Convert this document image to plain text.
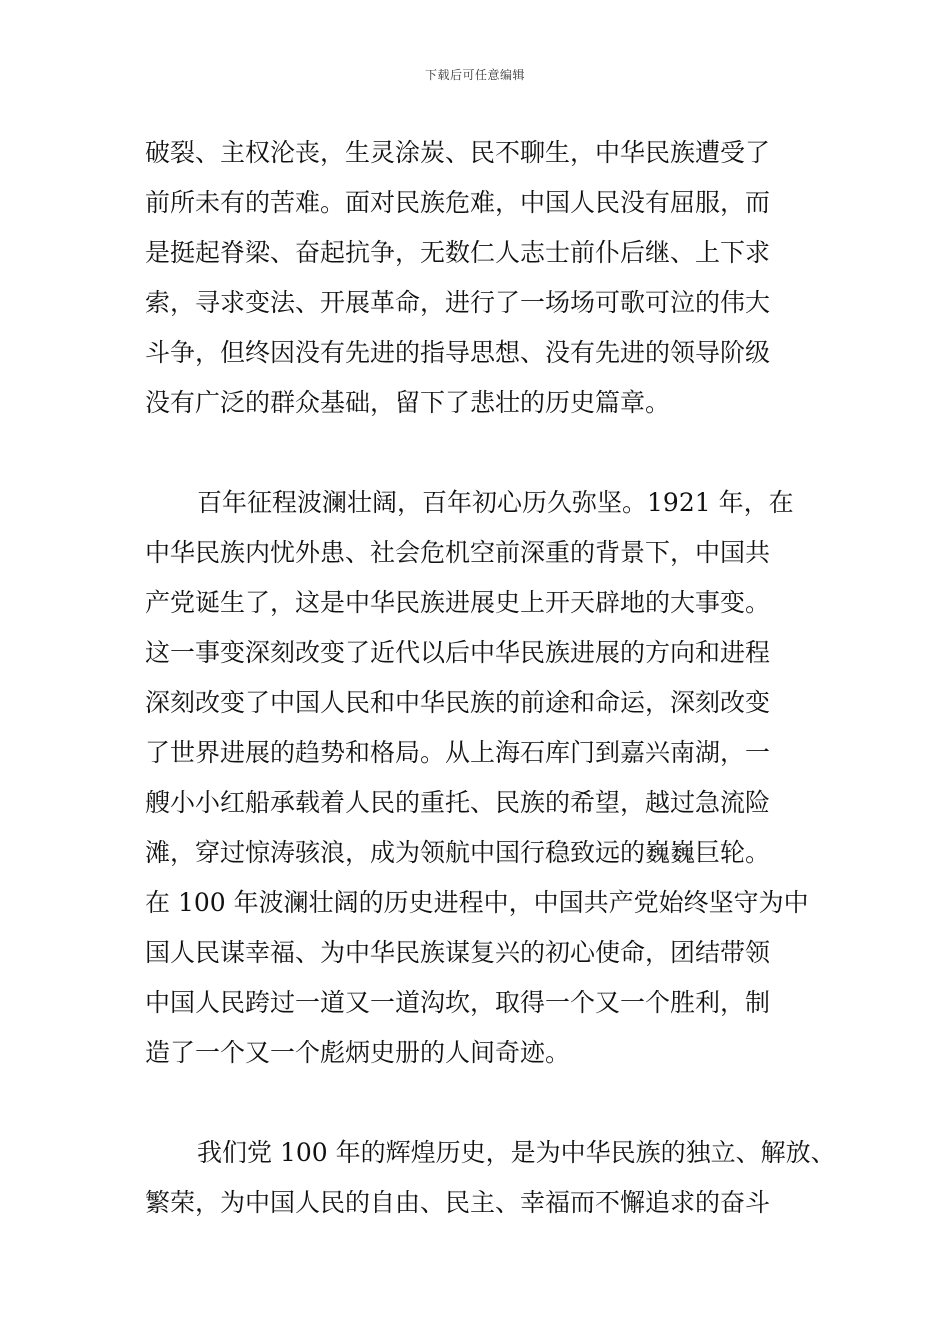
下载后可任意编辑
破裂、主权沦丧，生灵涂炭、民不聊生，中华民族遭受了
前所未有的苦难。面对民族危难，中国人民没有屈服，而
是挺起脊梁、奋起抗争，无数仁人志士前仆后继、上下求
索，寻求变法、开展革命，进行了一场场可歌可泣的伟大
斗争，但终因没有先进的指导思想、没有先进的领导阶级
没有广泛的群众基础，留下了悲壮的历史篇章。
百年征程波澜壮阔，百年初心历久弥坚。1921 年，在
中华民族内忧外患、社会危机空前深重的背景下，中国共
产党诞生了，这是中华民族进展史上开天辟地的大事变。
这一事变深刻改变了近代以后中华民族进展的方向和进程
深刻改变了中国人民和中华民族的前途和命运，深刻改变
了世界进展的趋势和格局。从上海石库门到嘉兴南湖，一
艘小小红船承载着人民的重托、民族的希望，越过急流险
滩，穿过惊涛骇浪，成为领航中国行稳致远的巍巍巨轮。
在 100 年波澜壮阔的历史进程中，中国共产党始终坚守为中
国人民谋幸福、为中华民族谋复兴的初心使命，团结带领
中国人民跨过一道又一道沟坎，取得一个又一个胜利，制
造了一个又一个彪炳史册的人间奇迹。
我们党 100 年的辉煌历史，是为中华民族的独立、解放、
繁荣，为中国人民的自由、民主、幸福而不懈追求的奋斗
